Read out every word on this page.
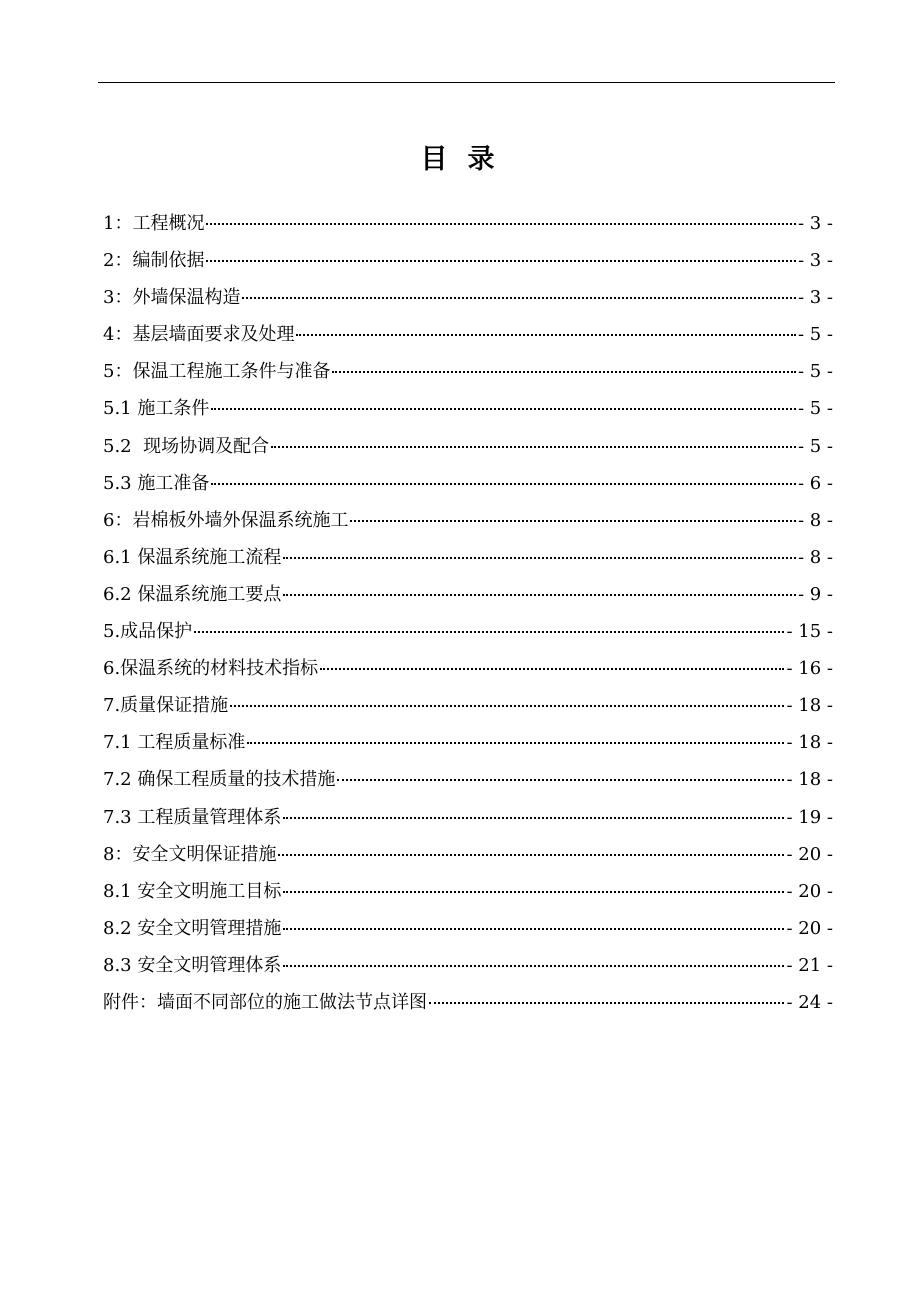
目录
1：工程概况	- 3 -
2：编制依据	- 3 -
3：外墙保温构造	- 3 -
4：基层墙面要求及处理	- 5 -
5：保温工程施工条件与准备	- 5 -
5.1 施工条件	- 5 -
5.2  现场协调及配合	- 5 -
5.3 施工准备	- 6 -
6：岩棉板外墙外保温系统施工	- 8 -
6.1 保温系统施工流程	- 8 -
6.2 保温系统施工要点	- 9 -
5.成品保护	- 15 -
6.保温系统的材料技术指标	- 16 -
7.质量保证措施	- 18 -
7.1 工程质量标准	- 18 -
7.2 确保工程质量的技术措施	- 18 -
7.3 工程质量管理体系	- 19 -
8：安全文明保证措施	- 20 -
8.1 安全文明施工目标	- 20 -
8.2 安全文明管理措施	- 20 -
8.3 安全文明管理体系	- 21 -
附件：墙面不同部位的施工做法节点详图	- 24 -
